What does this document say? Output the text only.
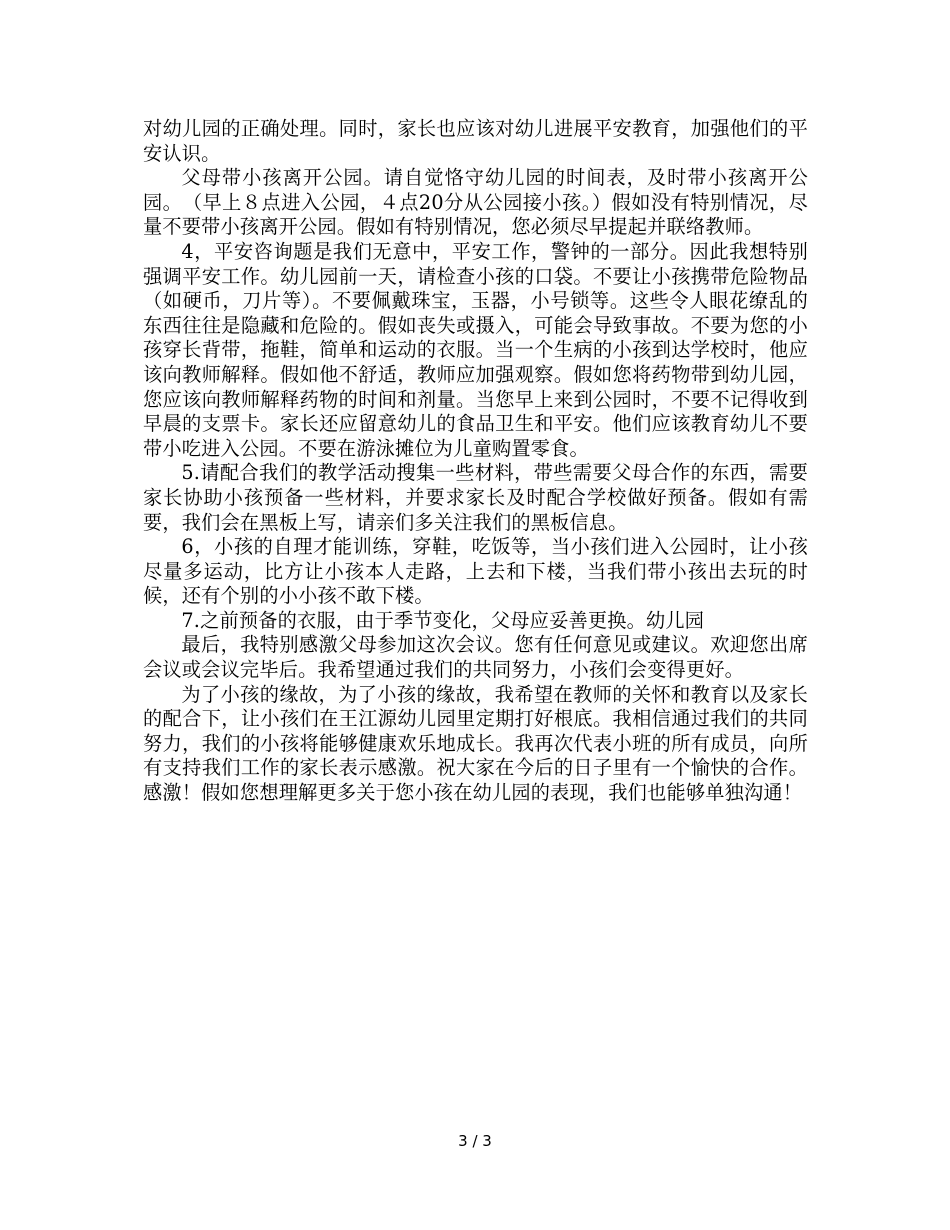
对幼儿园的正确处理。同时，家长也应该对幼儿进展平安教育，加强他们的平安认识。

父母带小孩离开公园。请自觉恪守幼儿园的时间表，及时带小孩离开公园。　（早上８点进入公园，４点20分从公园接小孩。）假如没有特别情况，尽量不要带小孩离开公园。假如有特别情况，您必须尽早提起并联络教师。

4，平安咨询题是我们无意中，平安工作，警钟的一部分。因此我想特别强调平安工作。幼儿园前一天，请检查小孩的口袋。不要让小孩携带危险物品（如硬币，刀片等）。不要佩戴珠宝，玉器，小号锁等。这些令人眼花缭乱的东西往往是隐藏和危险的。假如丧失或摄入，可能会导致事故。不要为您的小孩穿长背带，拖鞋，简单和运动的衣服。当一个生病的小孩到达学校时，他应该向教师解释。假如他不舒适，教师应加强观察。假如您将药物带到幼儿园，您应该向教师解释药物的时间和剂量。当您早上来到公园时，不要不记得收到早晨的支票卡。家长还应留意幼儿的食品卫生和平安。他们应该教育幼儿不要带小吃进入公园。不要在游泳摊位为儿童购置零食。

5.请配合我们的教学活动搜集一些材料，带些需要父母合作的东西，需要家长协助小孩预备一些材料，并要求家长及时配合学校做好预备。假如有需要，我们会在黑板上写，请亲们多关注我们的黑板信息。

6，小孩的自理才能训练，穿鞋，吃饭等，当小孩们进入公园时，让小孩尽量多运动，比方让小孩本人走路，上去和下楼，当我们带小孩出去玩的时候，还有个别的小小孩不敢下楼。

7.之前预备的衣服，由于季节变化，父母应妥善更换。幼儿园

最后，我特别感激父母参加这次会议。您有任何意见或建议。欢迎您出席会议或会议完毕后。我希望通过我们的共同努力，小孩们会变得更好。

为了小孩的缘故，为了小孩的缘故，我希望在教师的关怀和教育以及家长的配合下，让小孩们在王江源幼儿园里定期打好根底。我相信通过我们的共同努力，我们的小孩将能够健康欢乐地成长。我再次代表小班的所有成员，向所有支持我们工作的家长表示感激。祝大家在今后的日子里有一个愉快的合作。感激！假如您想理解更多关于您小孩在幼儿园的表现，我们也能够单独沟通！

3 / 3
